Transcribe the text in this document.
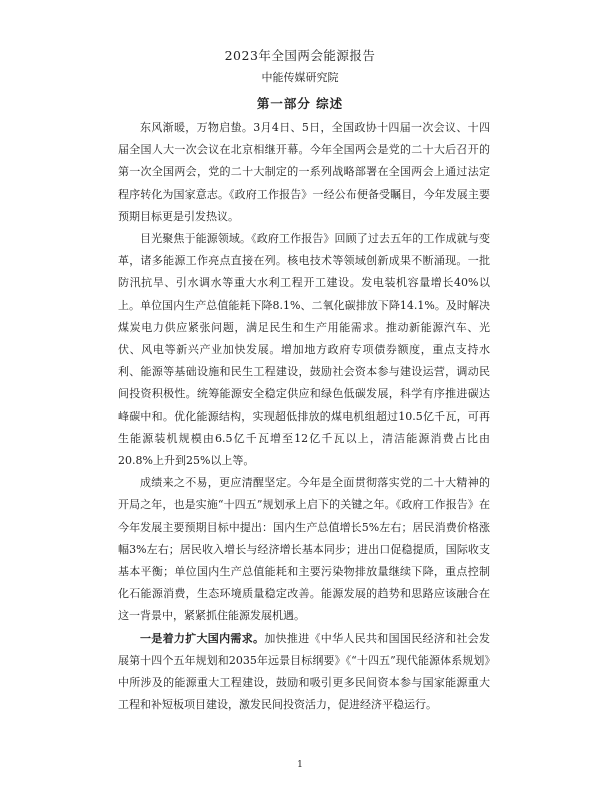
2023年全国两会能源报告
中能传媒研究院
第一部分 综述

东风渐暖，万物启蛰。3月4日、5日，全国政协十四届一次会议、十四届全国人大一次会议在北京相继开幕。今年全国两会是党的二十大后召开的第一次全国两会，党的二十大制定的一系列战略部署在全国两会上通过法定程序转化为国家意志。《政府工作报告》一经公布便备受瞩目，今年发展主要预期目标更是引发热议。

目光聚焦于能源领域。《政府工作报告》回顾了过去五年的工作成就与变革，诸多能源工作亮点直接在列。核电技术等领域创新成果不断涌现。一批防汛抗旱、引水调水等重大水利工程开工建设。发电装机容量增长40%以上。单位国内生产总值能耗下降8.1%、二氧化碳排放下降14.1%。及时解决煤炭电力供应紧张问题，满足民生和生产用能需求。推动新能源汽车、光伏、风电等新兴产业加快发展。增加地方政府专项债券额度，重点支持水利、能源等基础设施和民生工程建设，鼓励社会资本参与建设运营，调动民间投资积极性。统筹能源安全稳定供应和绿色低碳发展，科学有序推进碳达峰碳中和。优化能源结构，实现超低排放的煤电机组超过10.5亿千瓦，可再生能源装机规模由6.5亿千瓦增至12亿千瓦以上，清洁能源消费占比由20.8%上升到25%以上等。

成绩来之不易，更应清醒坚定。今年是全面贯彻落实党的二十大精神的开局之年，也是实施“十四五”规划承上启下的关键之年。《政府工作报告》在今年发展主要预期目标中提出：国内生产总值增长5%左右；居民消费价格涨幅3%左右；居民收入增长与经济增长基本同步；进出口促稳提质，国际收支基本平衡；单位国内生产总值能耗和主要污染物排放量继续下降，重点控制化石能源消费，生态环境质量稳定改善。能源发展的趋势和思路应该融合在这一背景中，紧紧抓住能源发展机遇。

一是着力扩大国内需求。加快推进《中华人民共和国国民经济和社会发展第十四个五年规划和2035年远景目标纲要》《“十四五”现代能源体系规划》中所涉及的能源重大工程建设，鼓励和吸引更多民间资本参与国家能源重大工程和补短板项目建设，激发民间投资活力，促进经济平稳运行。

1
